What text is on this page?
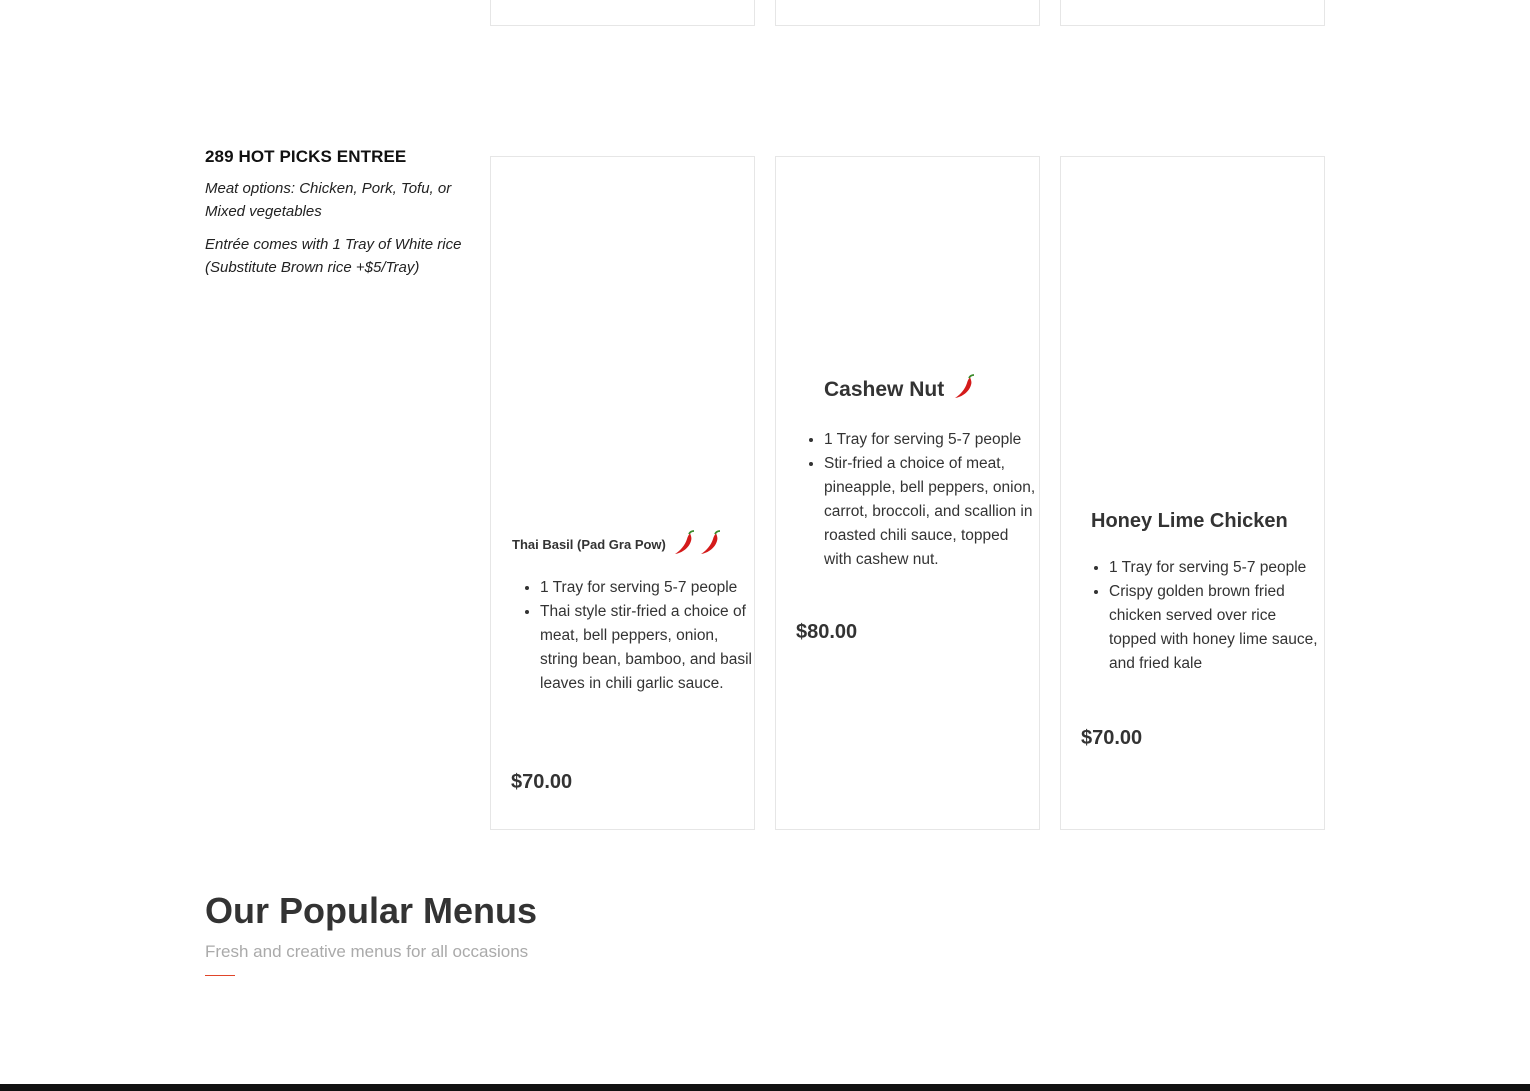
289 HOT PICKS ENTREE

Meat options: Chicken, Pork, Tofu, or Mixed vegetables

Entrée comes with 1 Tray of White rice (Substitute Brown rice +$5/Tray)

Thai Basil (Pad Gra Pow)
• 1 Tray for serving 5-7 people
• Thai style stir-fried a choice of meat, bell peppers, onion, string bean, bamboo, and basil leaves in chili garlic sauce.
$70.00
Cashew Nut
• 1 Tray for serving 5-7 people
• Stir-fried a choice of meat, pineapple, bell peppers, onion, carrot, broccoli, and scallion in roasted chili sauce, topped with cashew nut.
$80.00
Honey Lime Chicken
• 1 Tray for serving 5-7 people
• Crispy golden brown fried chicken served over rice topped with honey lime sauce, and fried kale
$70.00
Our Popular Menus

Fresh and creative menus for all occasions
